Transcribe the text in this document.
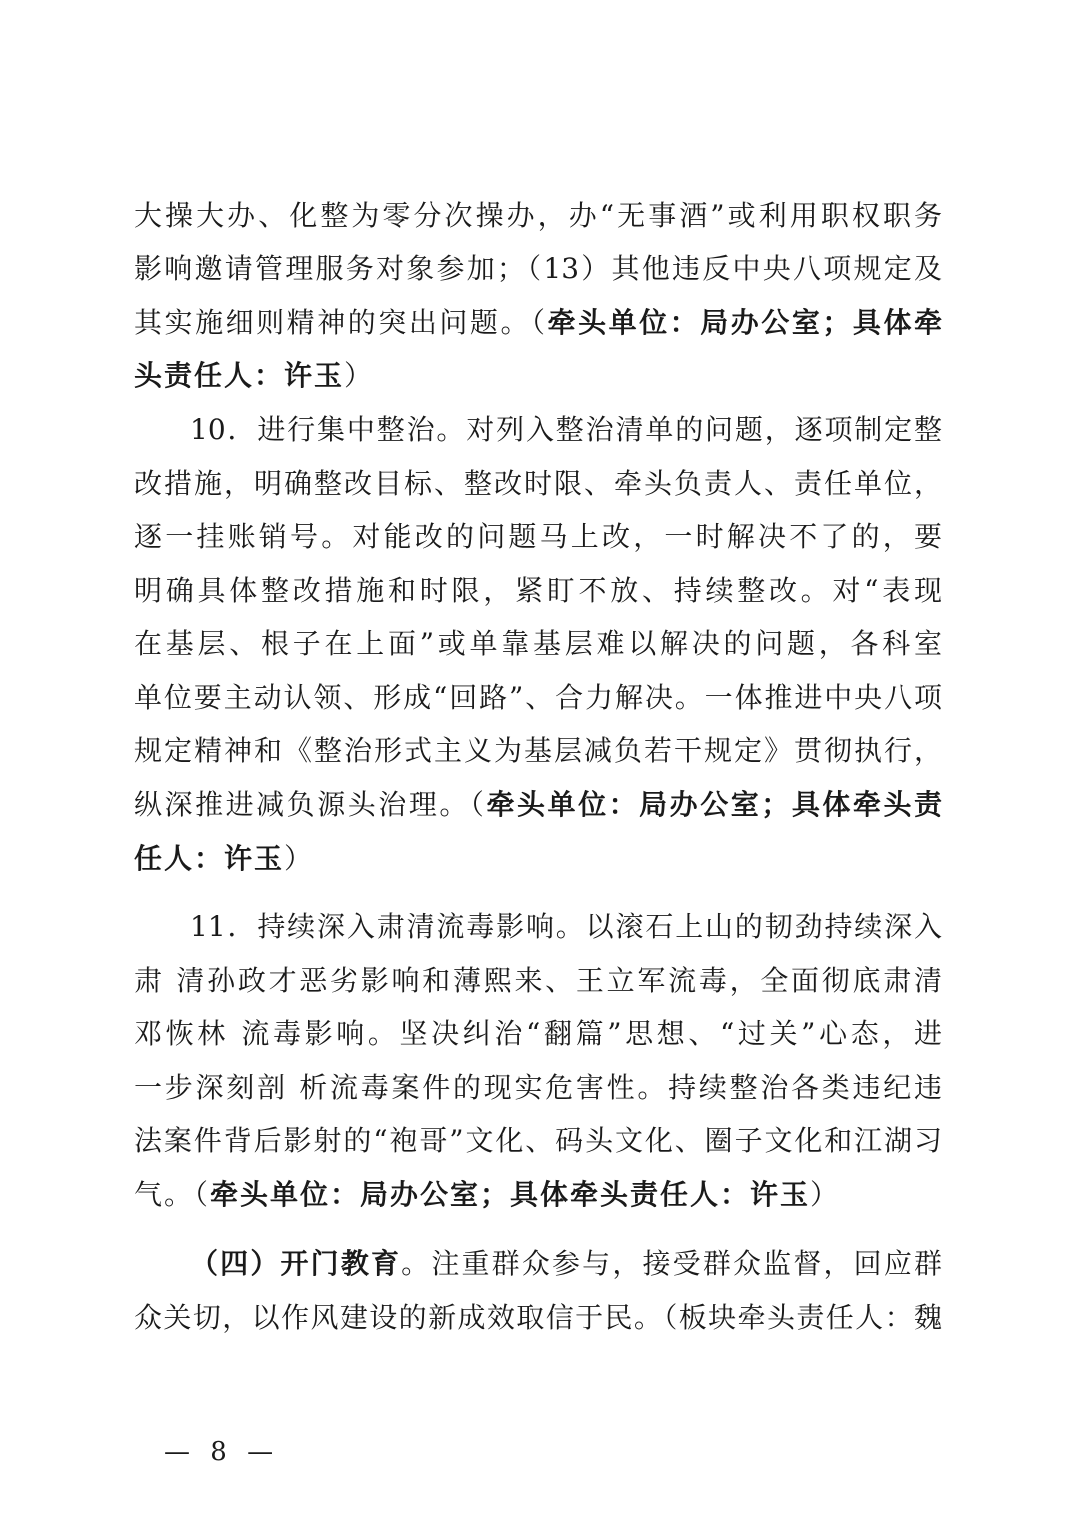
大操大办、化整为零分次操办，办“无事酒”或利用职权职务
影响邀请管理服务对象参加；（13）其他违反中央八项规定及
其实施细则精神的突出问题。（牵头单位：局办公室；具体牵
头责任人：许玉）
10．进行集中整治。对列入整治清单的问题，逐项制定整
改措施，明确整改目标、整改时限、牵头负责人、责任单位，
逐一挂账销号。对能改的问题马上改，一时解决不了的，要
明确具体整改措施和时限，紧盯不放、持续整改。对“表现
在基层、根子在上面”或单靠基层难以解决的问题，各科室
单位要主动认领、形成“回路”、合力解决。一体推进中央八项
规定精神和《整治形式主义为基层减负若干规定》贯彻执行，
纵深推进减负源头治理。（牵头单位：局办公室；具体牵头责
任人：许玉）
11．持续深入肃清流毒影响。以滚石上山的韧劲持续深入
肃 清孙政才恶劣影响和薄熙来、王立军流毒，全面彻底肃清
邓恢林 流毒影响。坚决纠治“翻篇”思想、“过关”心态，进
一步深刻剖 析流毒案件的现实危害性。持续整治各类违纪违
法案件背后影射的“袍哥”文化、码头文化、圈子文化和江湖习
气。（牵头单位：局办公室；具体牵头责任人：许玉）
（四）开门教育。注重群众参与，接受群众监督，回应群
众关切，以作风建设的新成效取信于民。（板块牵头责任人：魏
— 8 —
